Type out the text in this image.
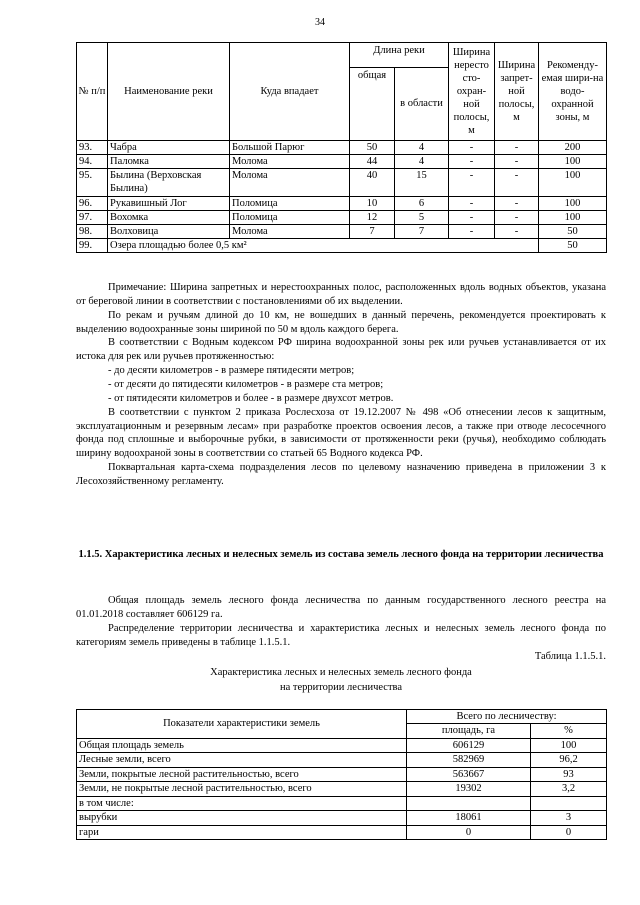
34
№ п/п	Наименование реки	Куда впадает	Длина реки		Ширина нересто сто-охран-ной полосы, м	Ширина запрет-ной полосы, м	Рекоменду-емая шири-на водо-охранной зоны, м
			общая	в области			
93.	Чабра	Большой Парюг	50	4	-	-	200
94.	Паломка	Молома	44	4	-	-	100
95.	Былина (Верховская Былина)	Молома	40	15	-	-	100
96.	Рукавишный Лог	Поломица	10	6	-	-	100
97.	Вохомка	Поломица	12	5	-	-	100
98.	Волховица	Молома	7	7	-	-	50
99.	Озера площадью более 0,5 км²						50

Примечание: Ширина запретных и нерестоохранных полос, расположенных вдоль водных объектов, указана от береговой линии в соответствии с постановлениями об их выделении.

По рекам и ручьям длиной до 10 км, не вошедших в данный перечень, рекомендуется проектировать к выделению водоохранные зоны шириной по 50 м вдоль каждого берега.

В соответствии с Водным кодексом РФ ширина водоохранной зоны рек или ручьев устанавливается от их истока для рек или ручьев протяженностью:

- до десяти километров - в размере пятидесяти метров;

- от десяти до пятидесяти километров - в размере ста метров;

- от пятидесяти километров и более - в размере двухсот метров.

В соответствии с пунктом 2 приказа Рослесхоза от 19.12.2007 № 498 «Об отнесении лесов к защитным, эксплуатационным и резервным лесам» при разработке проектов освоения лесов, а также при отводе лесосечного фонда под сплошные и выборочные рубки, в зависимости от протяженности реки (ручья), необходимо соблюдать ширину водоохраной зоны в соответствии со статьей 65 Водного кодекса РФ.

Поквартальная карта-схема подразделения лесов по целевому назначению приведена в приложении 3 к Лесохозяйственному регламенту.

1.1.5. Характеристика лесных и нелесных земель из состава земель лесного фонда на территории лесничества

Общая площадь земель лесного фонда лесничества по данным государственного лесного реестра на 01.01.2018 составляет 606129 га.

Распределение территории лесничества и характеристика лесных и нелесных земель лесного фонда по категориям земель приведены в таблице 1.1.5.1.

Таблица 1.1.5.1.
Характеристика лесных и нелесных земель лесного фонда
на территории лесничества
Показатели характеристики земель	Всего по лесничеству:	
	площадь, га	%
Общая площадь земель	606129	100
Лесные земли, всего	582969	96,2
Земли, покрытые лесной растительностью, всего	563667	93
Земли, не покрытые лесной растительностью, всего	19302	3,2
в том числе:		
вырубки	18061	3
гари	0	0
